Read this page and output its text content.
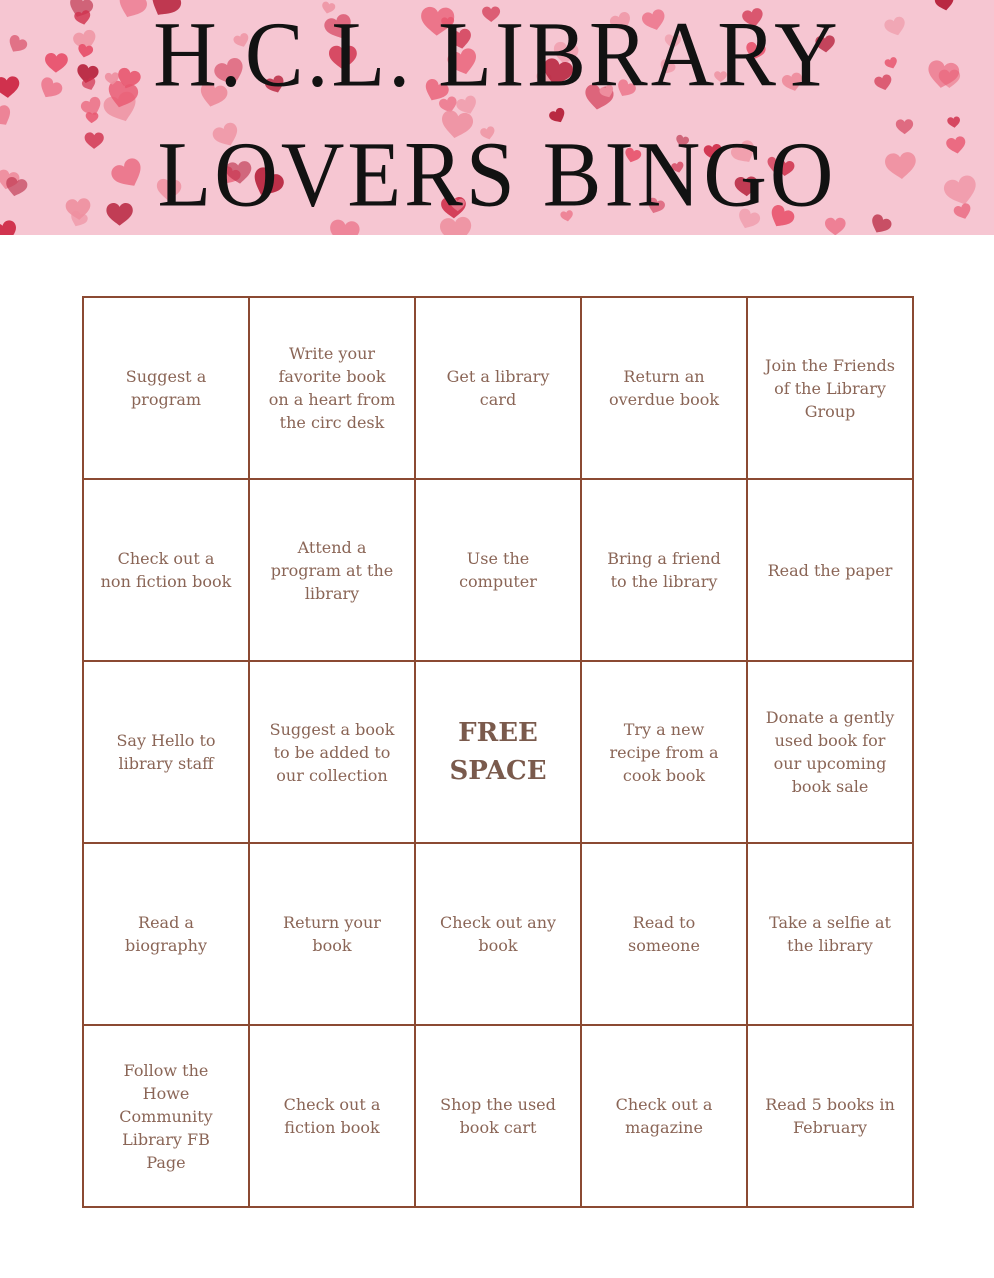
H.C.L. LIBRARY
LOVERS BINGO
Suggest a program
Write your favorite book on a heart from the circ desk
Get a library card
Return an overdue book
Join the Friends of the Library Group
Check out a non fiction book
Attend a program at the library
Use the computer
Bring a friend to the library
Read the paper
Say Hello to library staff
Suggest a book to be added to our collection
FREE SPACE
Try a new recipe from a cook book
Donate a gently used book for our upcoming book sale
Read a biography
Return your book
Check out any book
Read to someone
Take a selfie at the library
Follow the Howe Community Library FB Page
Check out a fiction book
Shop the used book cart
Check out a magazine
Read 5 books in February
